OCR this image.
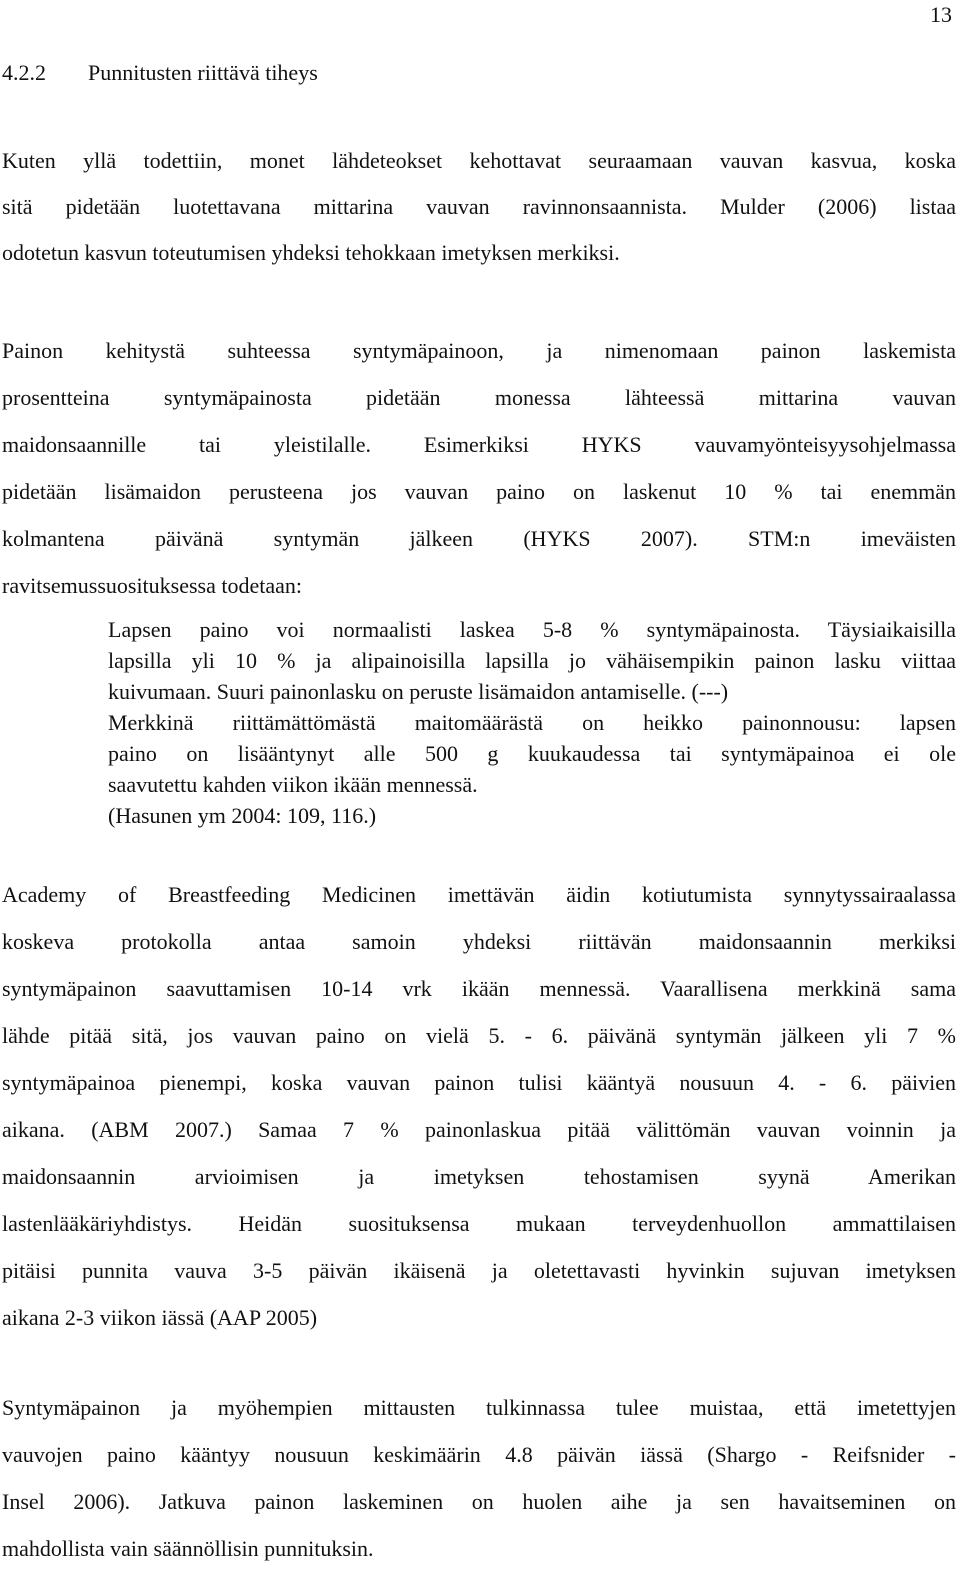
13
4.2.2 Punnitusten riittävä tiheys
Kuten yllä todettiin, monet lähdeteokset kehottavat seuraamaan vauvan kasvua, koska
sitä pidetään luotettavana mittarina vauvan ravinnonsaannista. Mulder (2006) listaa
odotetun kasvun toteutumisen yhdeksi tehokkaan imetyksen merkiksi.
Painon kehitystä suhteessa syntymäpainoon, ja nimenomaan painon laskemista
prosentteina syntymäpainosta pidetään monessa lähteessä mittarina vauvan
maidonsaannille tai yleistilalle. Esimerkiksi HYKS vauvamyönteisyysohjelmassa
pidetään lisämaidon perusteena jos vauvan paino on laskenut 10 % tai enemmän
kolmantena päivänä syntymän jälkeen (HYKS 2007). STM:n imeväisten
ravitsemussuosituksessa todetaan:
Lapsen paino voi normaalisti laskea 5-8 % syntymäpainosta. Täysiaikaisilla
lapsilla yli 10 % ja alipainoisilla lapsilla jo vähäisempikin painon lasku viittaa
kuivumaan. Suuri painonlasku on peruste lisämaidon antamiselle. (---)
Merkkinä riittämättömästä maitomäärästä on heikko painonnousu: lapsen
paino on lisääntynyt alle 500 g kuukaudessa tai syntymäpainoa ei ole
saavutettu kahden viikon ikään mennessä.
(Hasunen ym 2004: 109, 116.)
Academy of Breastfeeding Medicinen imettävän äidin kotiutumista synnytyssairaalassa
koskeva protokolla antaa samoin yhdeksi riittävän maidonsaannin merkiksi
syntymäpainon saavuttamisen 10-14 vrk ikään mennessä. Vaarallisena merkkinä sama
lähde pitää sitä, jos vauvan paino on vielä 5. - 6. päivänä syntymän jälkeen yli 7 %
syntymäpainoa pienempi, koska vauvan painon tulisi kääntyä nousuun 4. - 6. päivien
aikana. (ABM 2007.) Samaa 7 % painonlaskua pitää välittömän vauvan voinnin ja
maidonsaannin arvioimisen ja imetyksen tehostamisen syynä Amerikan
lastenlääkäriyhdistys. Heidän suosituksensa mukaan terveydenhuollon ammattilaisen
pitäisi punnita vauva 3-5 päivän ikäisenä ja oletettavasti hyvinkin sujuvan imetyksen
aikana 2-3 viikon iässä (AAP 2005)
Syntymäpainon ja myöhempien mittausten tulkinnassa tulee muistaa, että imetettyjen
vauvojen paino kääntyy nousuun keskimäärin 4.8 päivän iässä (Shargo - Reifsnider -
Insel 2006). Jatkuva painon laskeminen on huolen aihe ja sen havaitseminen on
mahdollista vain säännöllisin punnituksin.
